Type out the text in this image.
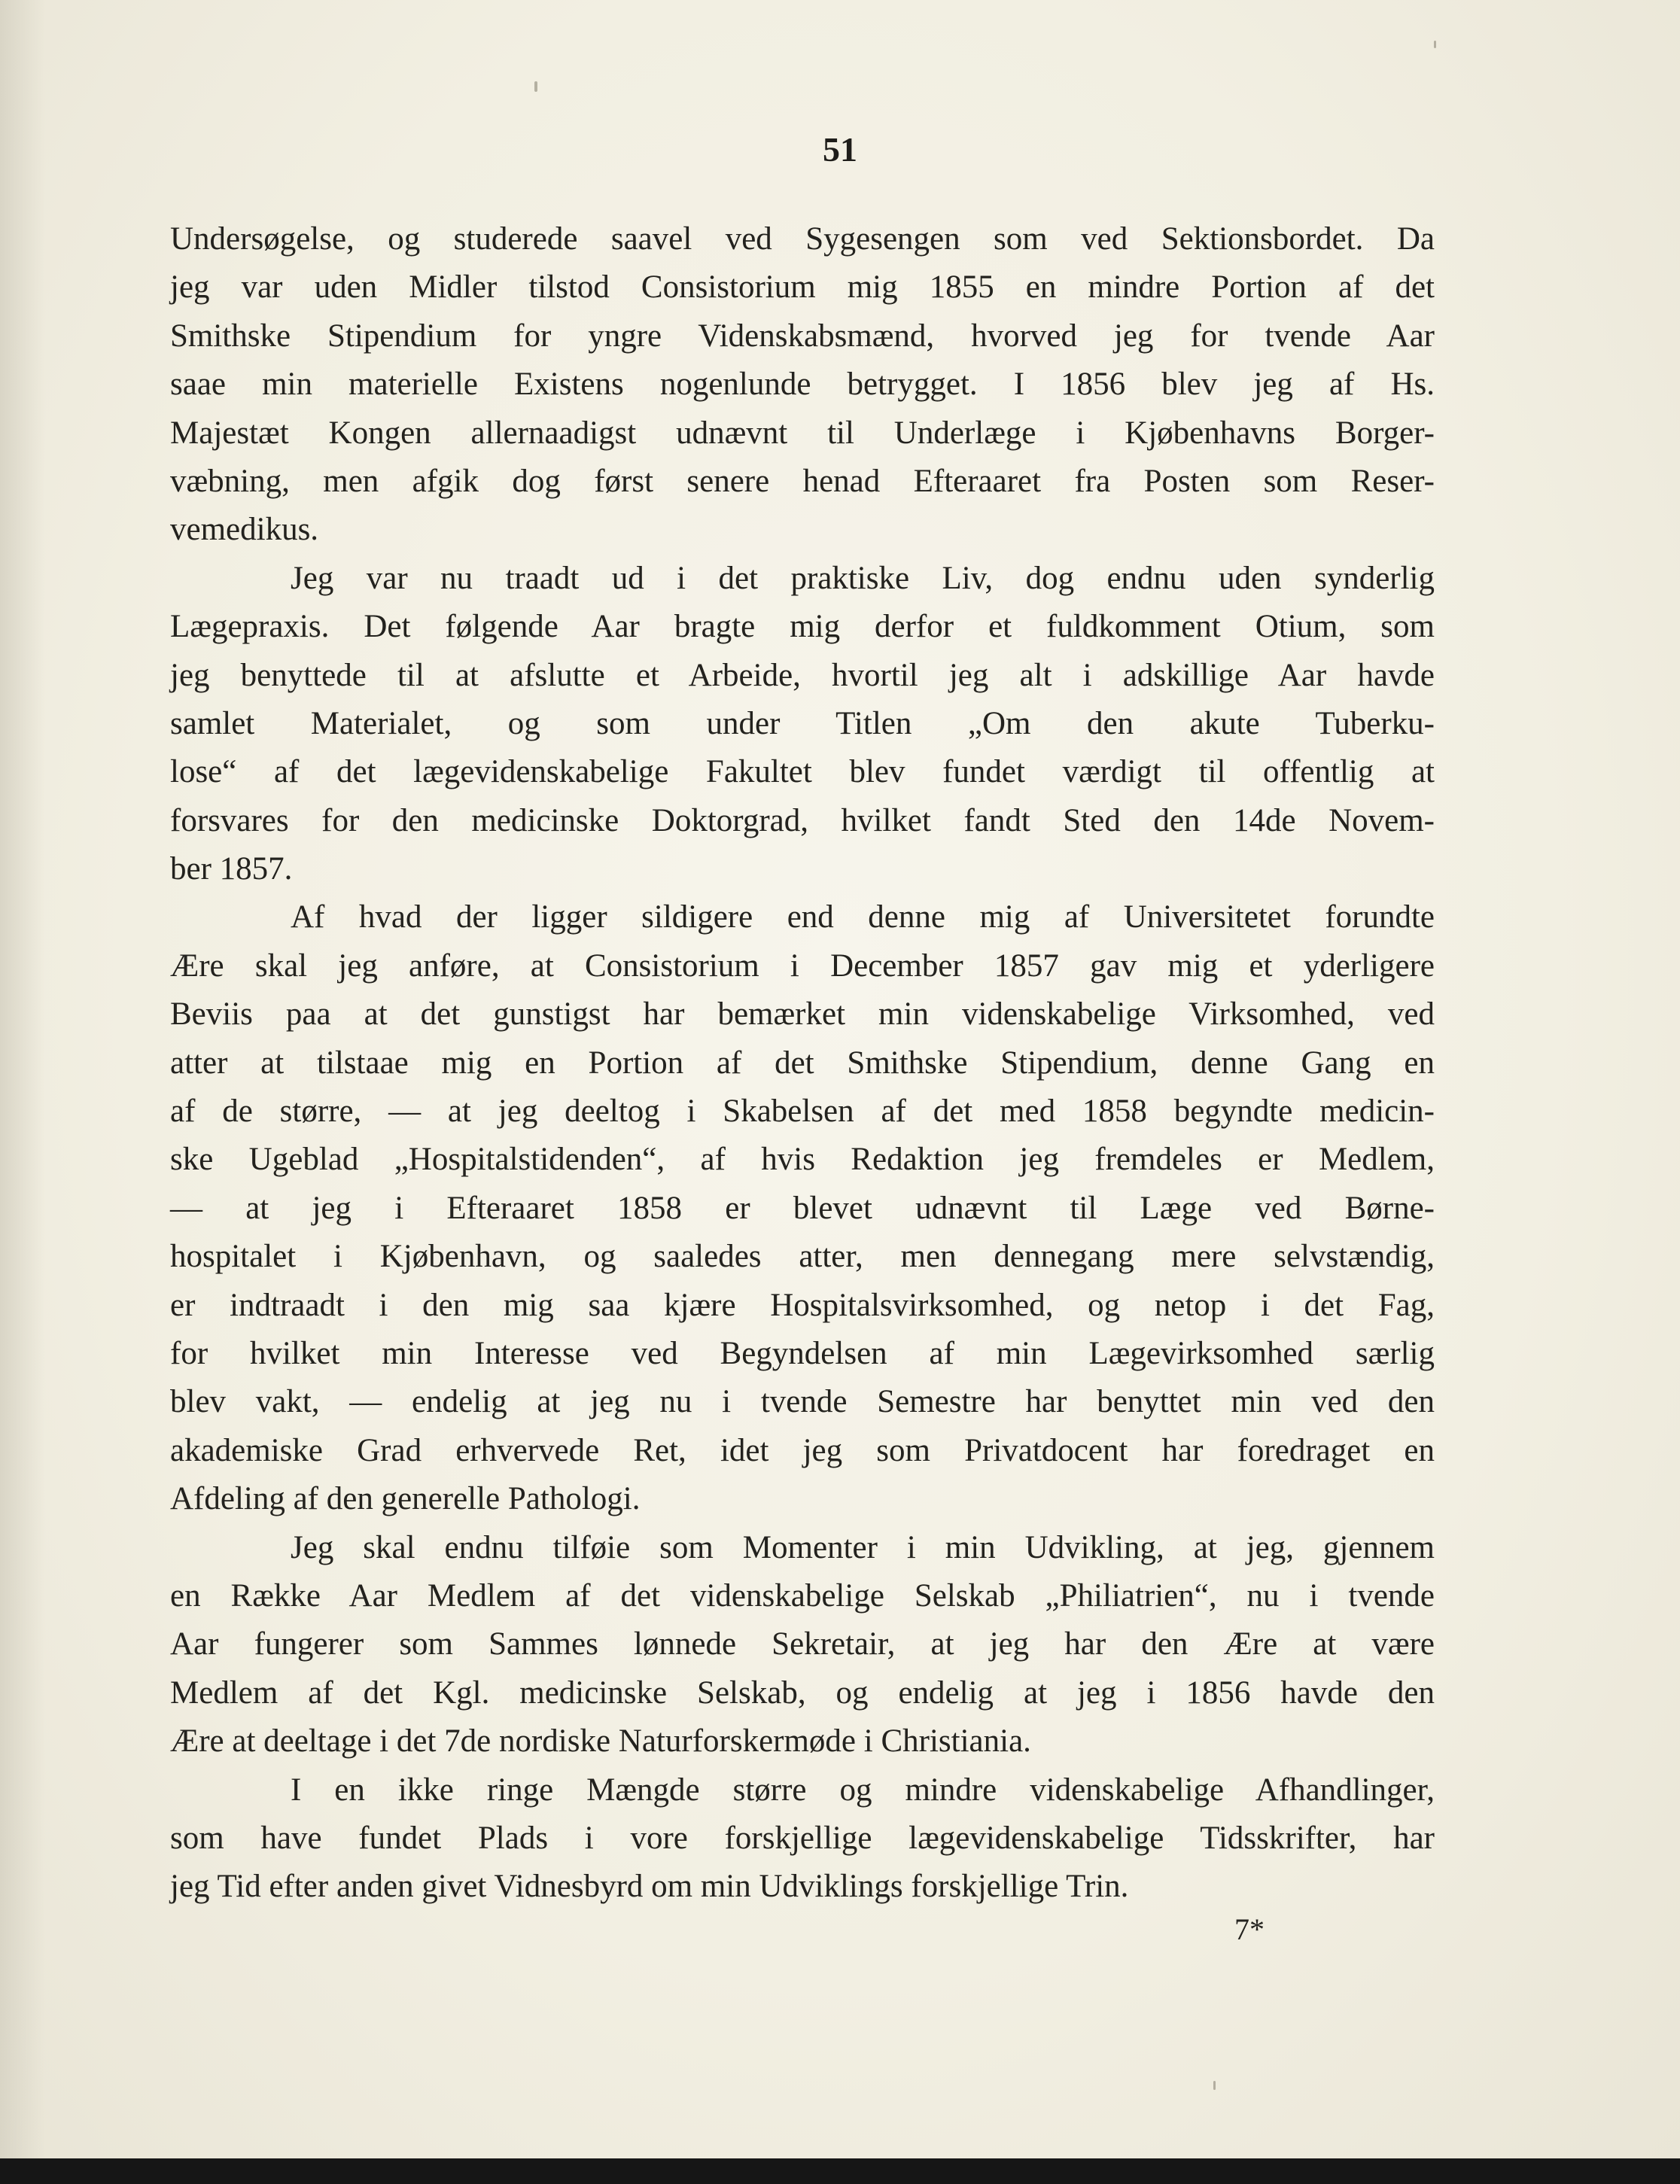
51
Undersøgelse, og studerede saavel ved Sygesengen som ved Sektionsbordet. Da
jeg var uden Midler tilstod Consistorium mig 1855 en mindre Portion af det
Smithske Stipendium for yngre Videnskabsmænd, hvorved jeg for tvende Aar
saae min materielle Existens nogenlunde betrygget. I 1856 blev jeg af Hs.
Majestæt Kongen allernaadigst udnævnt til Underlæge i Kjøbenhavns Borger-
væbning, men afgik dog først senere henad Efteraaret fra Posten som Reser-
vemedikus.
Jeg var nu traadt ud i det praktiske Liv, dog endnu uden synderlig
Lægepraxis. Det følgende Aar bragte mig derfor et fuldkomment Otium, som
jeg benyttede til at afslutte et Arbeide, hvortil jeg alt i adskillige Aar havde
samlet Materialet, og som under Titlen „Om den akute Tuberku-
lose“ af det lægevidenskabelige Fakultet blev fundet værdigt til offentlig at
forsvares for den medicinske Doktorgrad, hvilket fandt Sted den 14de Novem-
ber 1857.
Af hvad der ligger sildigere end denne mig af Universitetet forundte
Ære skal jeg anføre, at Consistorium i December 1857 gav mig et yderligere
Beviis paa at det gunstigst har bemærket min videnskabelige Virksomhed, ved
atter at tilstaae mig en Portion af det Smithske Stipendium, denne Gang en
af de større, — at jeg deeltog i Skabelsen af det med 1858 begyndte medicin-
ske Ugeblad „Hospitalstidenden“, af hvis Redaktion jeg fremdeles er Medlem,
— at jeg i Efteraaret 1858 er blevet udnævnt til Læge ved Børne-
hospitalet i Kjøbenhavn, og saaledes atter, men dennegang mere selvstændig,
er indtraadt i den mig saa kjære Hospitalsvirksomhed, og netop i det Fag,
for hvilket min Interesse ved Begyndelsen af min Lægevirksomhed særlig
blev vakt, — endelig at jeg nu i tvende Semestre har benyttet min ved den
akademiske Grad erhvervede Ret, idet jeg som Privatdocent har foredraget en
Afdeling af den generelle Pathologi.
Jeg skal endnu tilføie som Momenter i min Udvikling, at jeg, gjennem
en Række Aar Medlem af det videnskabelige Selskab „Philiatrien“, nu i tvende
Aar fungerer som Sammes lønnede Sekretair, at jeg har den Ære at være
Medlem af det Kgl. medicinske Selskab, og endelig at jeg i 1856 havde den
Ære at deeltage i det 7de nordiske Naturforskermøde i Christiania.
I en ikke ringe Mængde større og mindre videnskabelige Afhandlinger,
som have fundet Plads i vore forskjellige lægevidenskabelige Tidsskrifter, har
jeg Tid efter anden givet Vidnesbyrd om min Udviklings forskjellige Trin.
7*
